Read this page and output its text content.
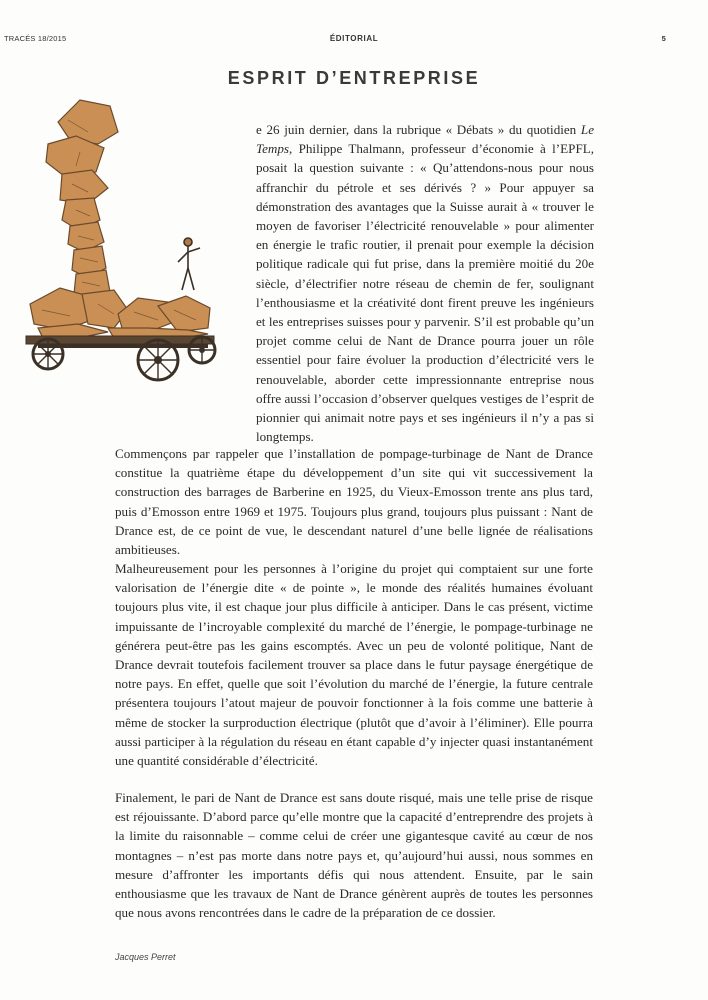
TRACÉS 18/2015	ÉDITORIAL	5
ESPRIT D’ENTREPRISE

e 26 juin dernier, dans la rubrique « Débats » du quotidien Le Temps, Philippe Thalmann, professeur d’économie à l’EPFL, posait la question suivante : « Qu’attendons-nous pour nous affranchir du pétrole et ses dérivés ? » Pour appuyer sa démonstration des avantages que la Suisse aurait à « trouver le moyen de favoriser l’électricité renouvelable » pour alimenter en énergie le trafic routier, il prenait pour exemple la décision politique radicale qui fut prise, dans la première moitié du 20e siècle, d’électrifier notre réseau de chemin de fer, soulignant l’enthousiasme et la créativité dont firent preuve les ingénieurs et les entreprises suisses pour y parvenir. S’il est probable qu’un projet comme celui de Nant de Drance pourra jouer un rôle essentiel pour faire évoluer la production d’électricité vers le renouvelable, aborder cette impressionnante entreprise nous offre aussi l’occasion d’observer quelques vestiges de l’esprit de pionnier qui animait notre pays et ses ingénieurs il n’y a pas si longtemps.

Commençons par rappeler que l’installation de pompage-turbinage de Nant de Drance constitue la quatrième étape du développement d’un site qui vit successivement la construction des barrages de Barberine en 1925, du Vieux-Emosson trente ans plus tard, puis d’Emosson entre 1969 et 1975. Toujours plus grand, toujours plus puissant : Nant de Drance est, de ce point de vue, le descendant naturel d’une belle lignée de réalisations ambitieuses.

Malheureusement pour les personnes à l’origine du projet qui comptaient sur une forte valorisation de l’énergie dite « de pointe », le monde des réalités humaines évoluant toujours plus vite, il est chaque jour plus difficile à anticiper. Dans le cas présent, victime impuissante de l’incroyable complexité du marché de l’énergie, le pompage-turbinage ne générera peut-être pas les gains escomptés. Avec un peu de volonté politique, Nant de Drance devrait toutefois facilement trouver sa place dans le futur paysage énergétique de notre pays. En effet, quelle que soit l’évolution du marché de l’énergie, la future centrale présentera toujours l’atout majeur de pouvoir fonctionner à la fois comme une batterie à même de stocker la surproduction électrique (plutôt que d’avoir à l’éliminer). Elle pourra aussi participer à la régulation du réseau en étant capable d’y injecter quasi instantanément une quantité considérable d’électricité.

Finalement, le pari de Nant de Drance est sans doute risqué, mais une telle prise de risque est réjouissante. D’abord parce qu’elle montre que la capacité d’entreprendre des projets à la limite du raisonnable – comme celui de créer une gigantesque cavité au cœur de nos montagnes – n’est pas morte dans notre pays et, qu’aujourd’hui aussi, nous sommes en mesure d’affronter les importants défis qui nous attendent. Ensuite, par le sain enthousiasme que les travaux de Nant de Drance génèrent auprès de toutes les personnes que nous avons rencontrées dans le cadre de la préparation de ce dossier.

Jacques Perret
